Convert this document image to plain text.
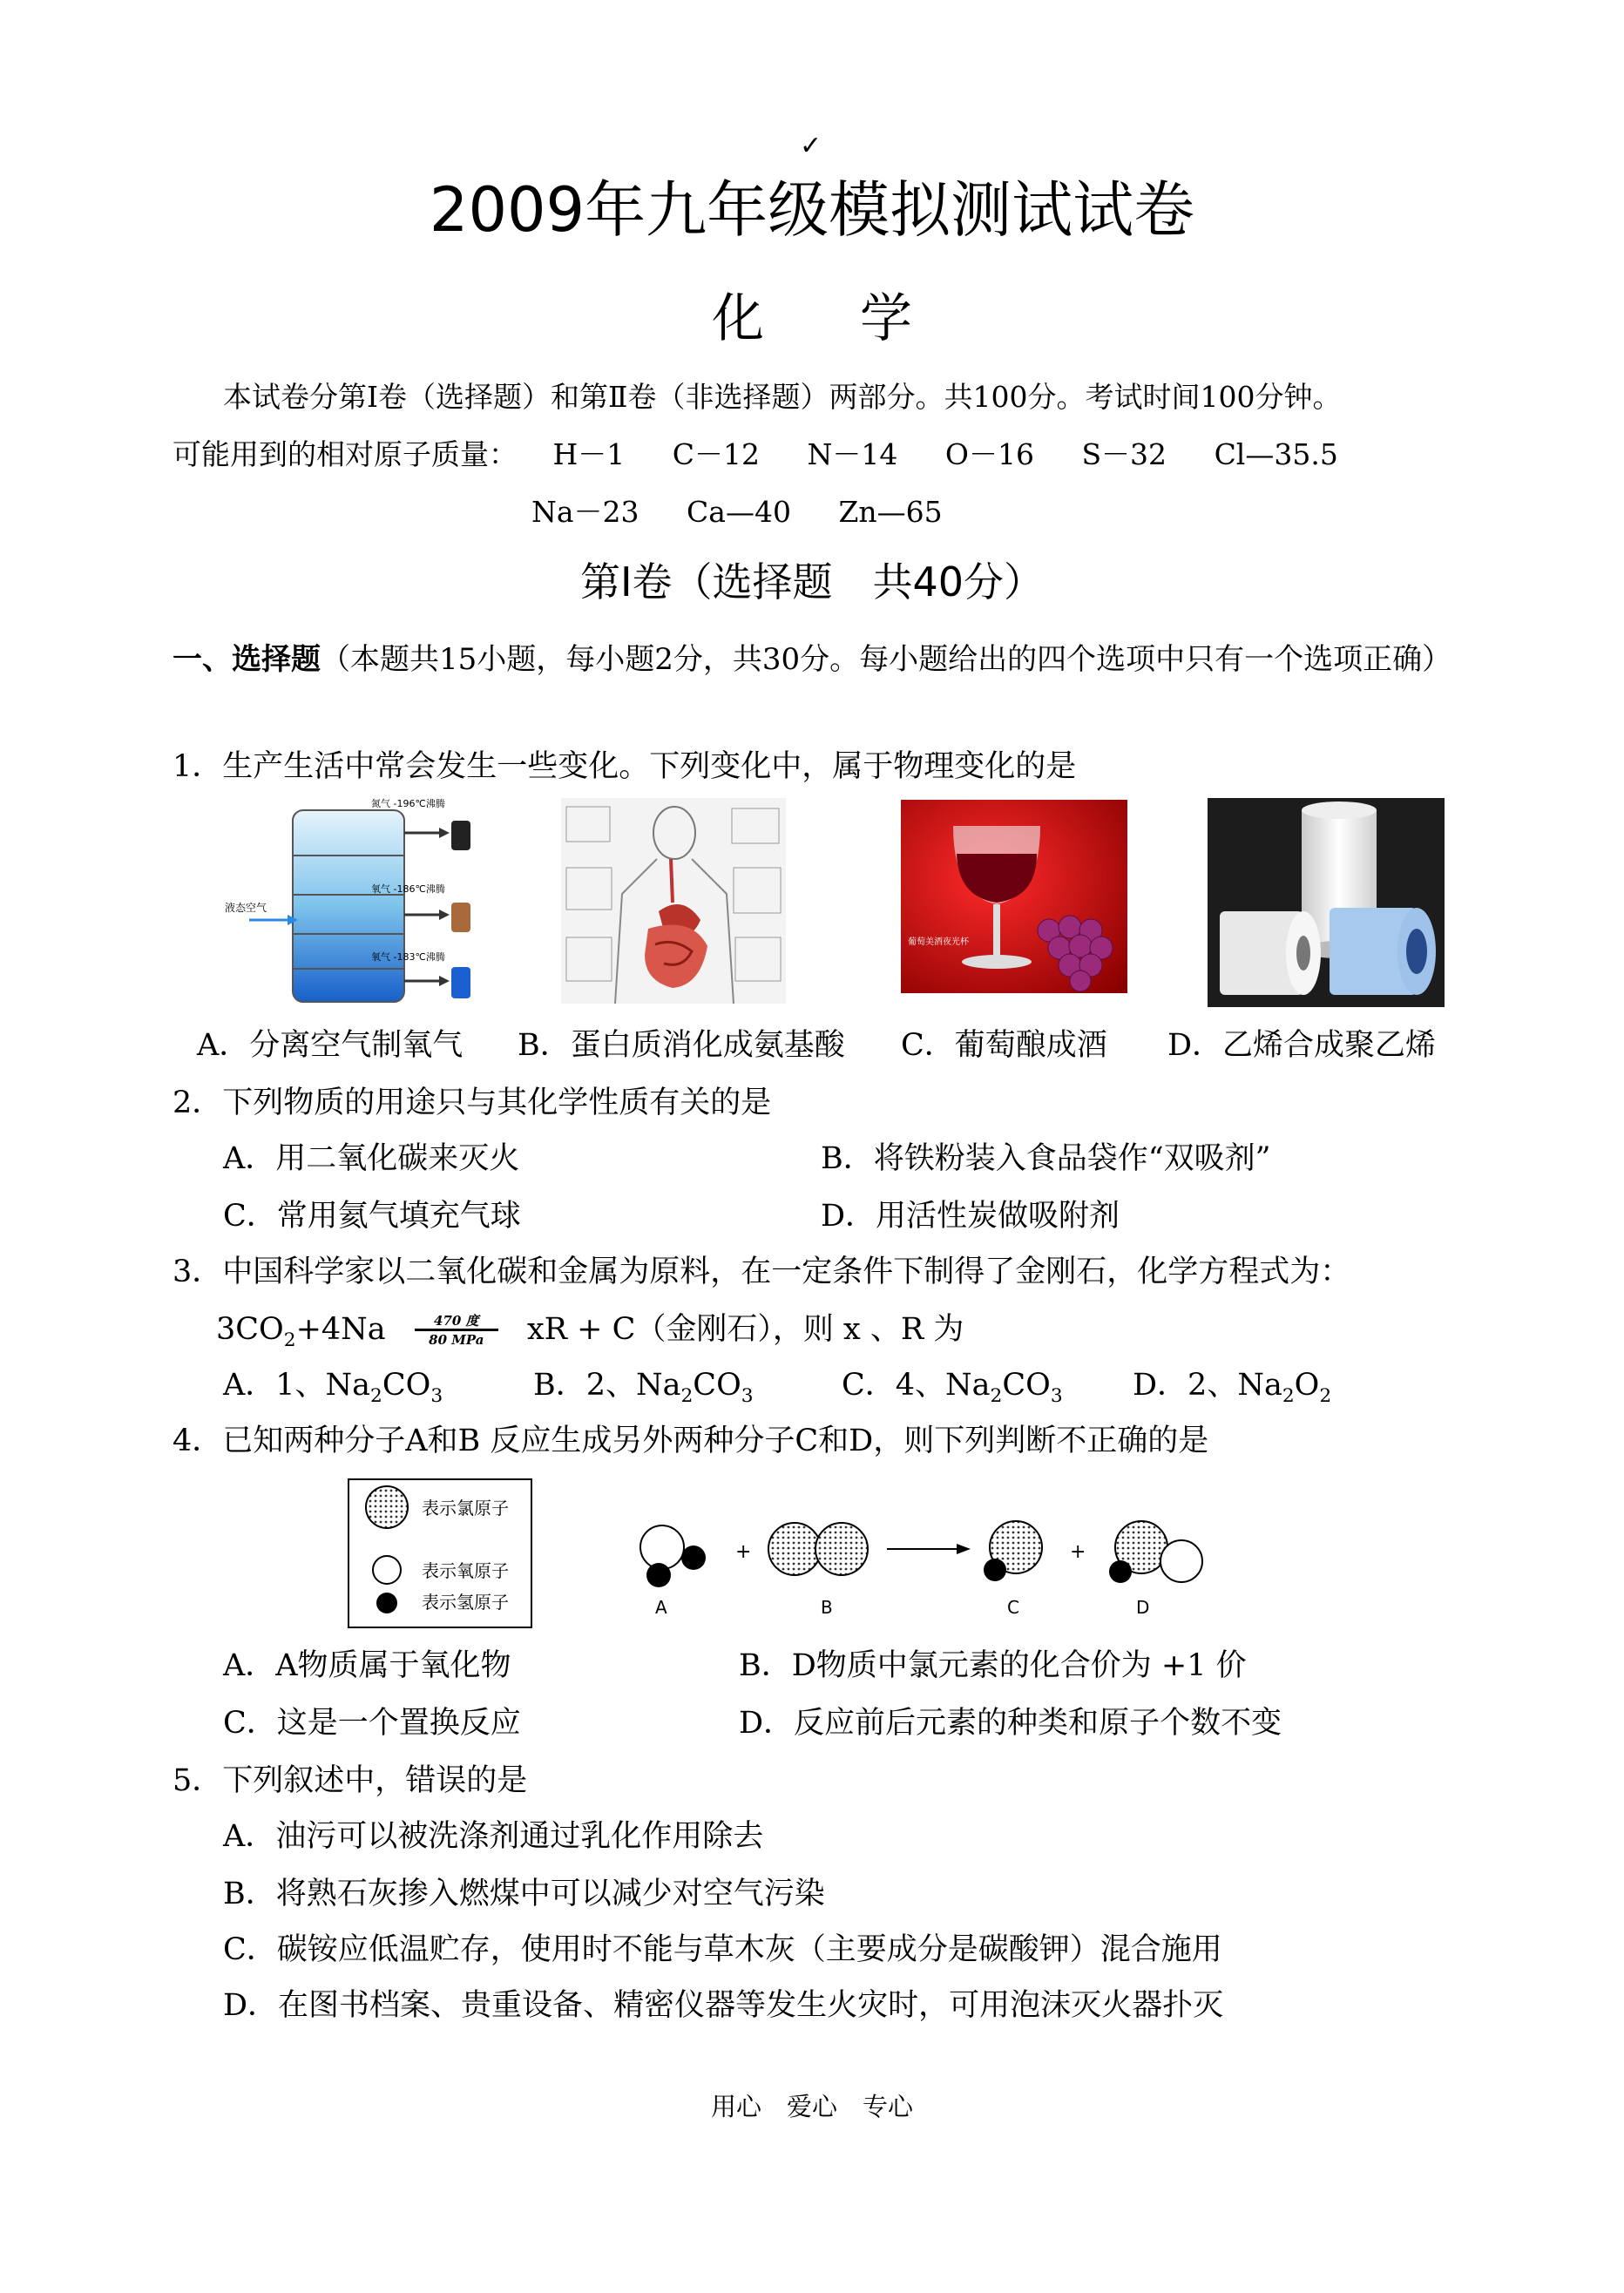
✓
2009年九年级模拟测试试卷
化学
本试卷分第Ⅰ卷（选择题）和第Ⅱ卷（非选择题）两部分。共100分。考试时间100分钟。
可能用到的相对原子质量： H－1 C－12 N－14 O－16 S－32 Cl—35.5
Na－23 Ca—40 Zn—65
第Ⅰ卷（选择题　共40分）
一、选择题（本题共15小题，每小题2分，共30分。每小题给出的四个选项中只有一个选项正确）
1．生产生活中常会发生一些变化。下列变化中，属于物理变化的是
氮气 -196℃沸腾
氧气 -186℃沸腾
氧气 -183℃沸腾
液态空气
葡萄美酒夜光杯
A．分离空气制氧气 B．蛋白质消化成氨基酸 C．葡萄酿成酒 D．乙烯合成聚乙烯
2．下列物质的用途只与其化学性质有关的是
A．用二氧化碳来灭火	B．将铁粉装入食品袋作“双吸剂”
C．常用氦气填充气球	D．用活性炭做吸附剂
3．中国科学家以二氧化碳和金属为原料，在一定条件下制得了金刚石，化学方程式为：
$3CO_2+4Na$	470 度
80 MPa	xR + C（金刚石），则 x 、R 为
A．1、$Na_2CO_3$	B．2、$Na_2CO_3$	C．4、$Na_2CO_3$ D．2、$Na_2O_2$
4．已知两种分子A和B 反应生成另外两种分子C和D，则下列判断不正确的是
表示氯原子
表示氧原子
表示氢原子	A
+
B	C
+
D
A．A物质属于氧化物	B．D物质中氯元素的化合价为 +1 价
C．这是一个置换反应	D．反应前后元素的种类和原子个数不变
5．下列叙述中，错误的是
A．油污可以被洗涤剂通过乳化作用除去
B．将熟石灰掺入燃煤中可以减少对空气污染
C．碳铵应低温贮存，使用时不能与草木灰（主要成分是碳酸钾）混合施用
D．在图书档案、贵重设备、精密仪器等发生火灾时，可用泡沫灭火器扑灭
用心　爱心　专心
